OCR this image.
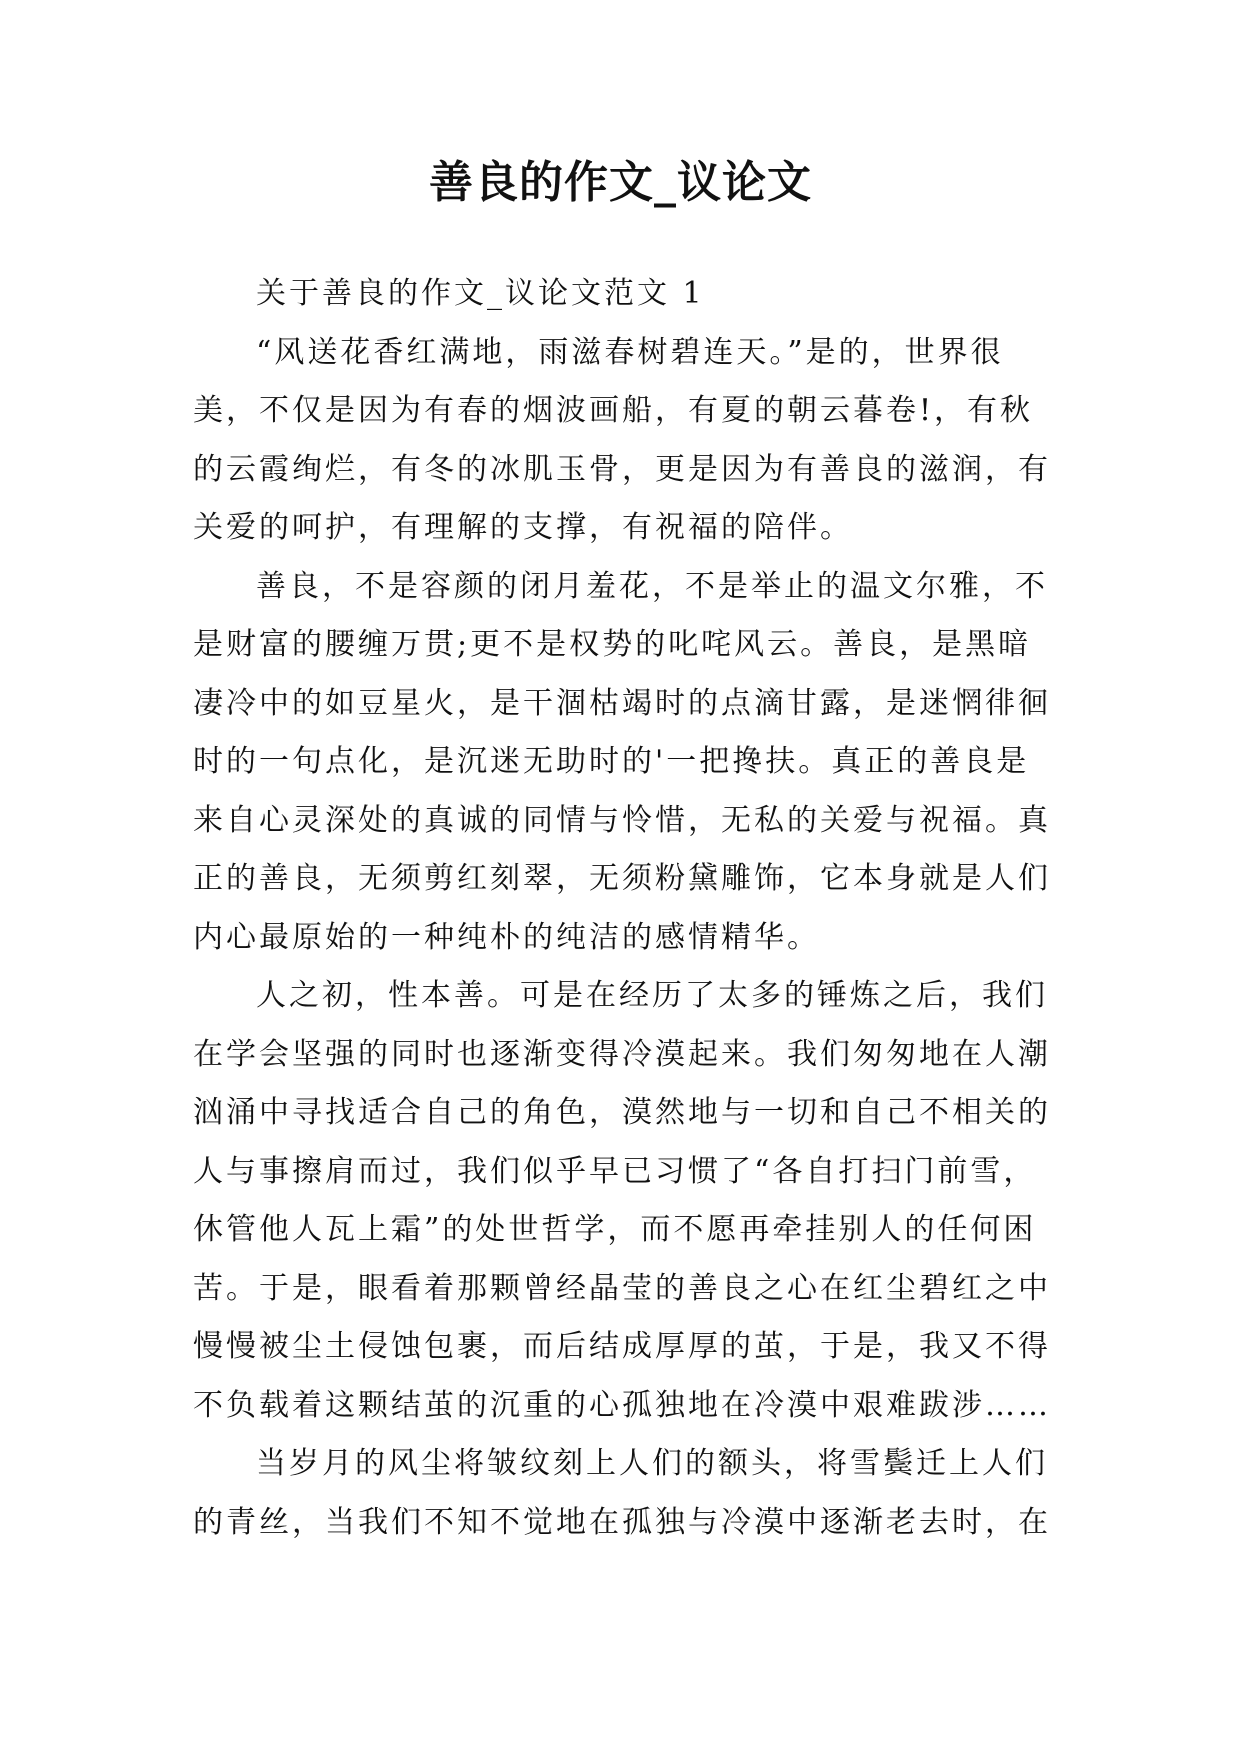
善良的作文_议论文
关于善良的作文_议论文范文 1
“风送花香红满地，雨滋春树碧连天。”是的，世界很
美，不仅是因为有春的烟波画船，有夏的朝云暮卷!，有秋
的云霞绚烂，有冬的冰肌玉骨，更是因为有善良的滋润，有
关爱的呵护，有理解的支撑，有祝福的陪伴。
善良，不是容颜的闭月羞花，不是举止的温文尔雅，不
是财富的腰缠万贯;更不是权势的叱咤风云。善良，是黑暗
凄冷中的如豆星火，是干涸枯竭时的点滴甘露，是迷惘徘徊
时的一句点化，是沉迷无助时的'一把搀扶。真正的善良是
来自心灵深处的真诚的同情与怜惜，无私的关爱与祝福。真
正的善良，无须剪红刻翠，无须粉黛雕饰，它本身就是人们
内心最原始的一种纯朴的纯洁的感情精华。
人之初，性本善。可是在经历了太多的锤炼之后，我们
在学会坚强的同时也逐渐变得冷漠起来。我们匆匆地在人潮
汹涌中寻找适合自己的角色，漠然地与一切和自己不相关的
人与事擦肩而过，我们似乎早已习惯了“各自打扫门前雪，
休管他人瓦上霜”的处世哲学，而不愿再牵挂别人的任何困
苦。于是，眼看着那颗曾经晶莹的善良之心在红尘碧红之中
慢慢被尘土侵蚀包裹，而后结成厚厚的茧，于是，我又不得
不负载着这颗结茧的沉重的心孤独地在冷漠中艰难跋涉……
当岁月的风尘将皱纹刻上人们的额头，将雪鬓迁上人们
的青丝，当我们不知不觉地在孤独与冷漠中逐渐老去时，在
